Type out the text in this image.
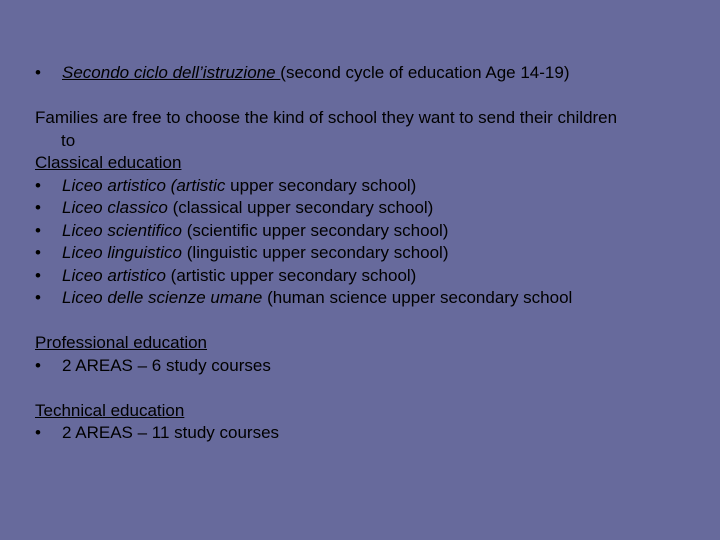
•	Secondo ciclo dell’istruzione (second cycle of education Age 14-19)
Families are free to choose the kind of school they want to send their children
to
Classical education
•	Liceo artistico (artistic upper secondary school)
•	Liceo classico (classical upper secondary school)
•	Liceo scientifico (scientific upper secondary school)
•	Liceo linguistico (linguistic upper secondary school)
•	Liceo artistico (artistic upper secondary school)
•	Liceo delle scienze umane (human science upper secondary school
Professional education
•	2 AREAS – 6 study courses
Technical education
•	2 AREAS – 11 study courses
